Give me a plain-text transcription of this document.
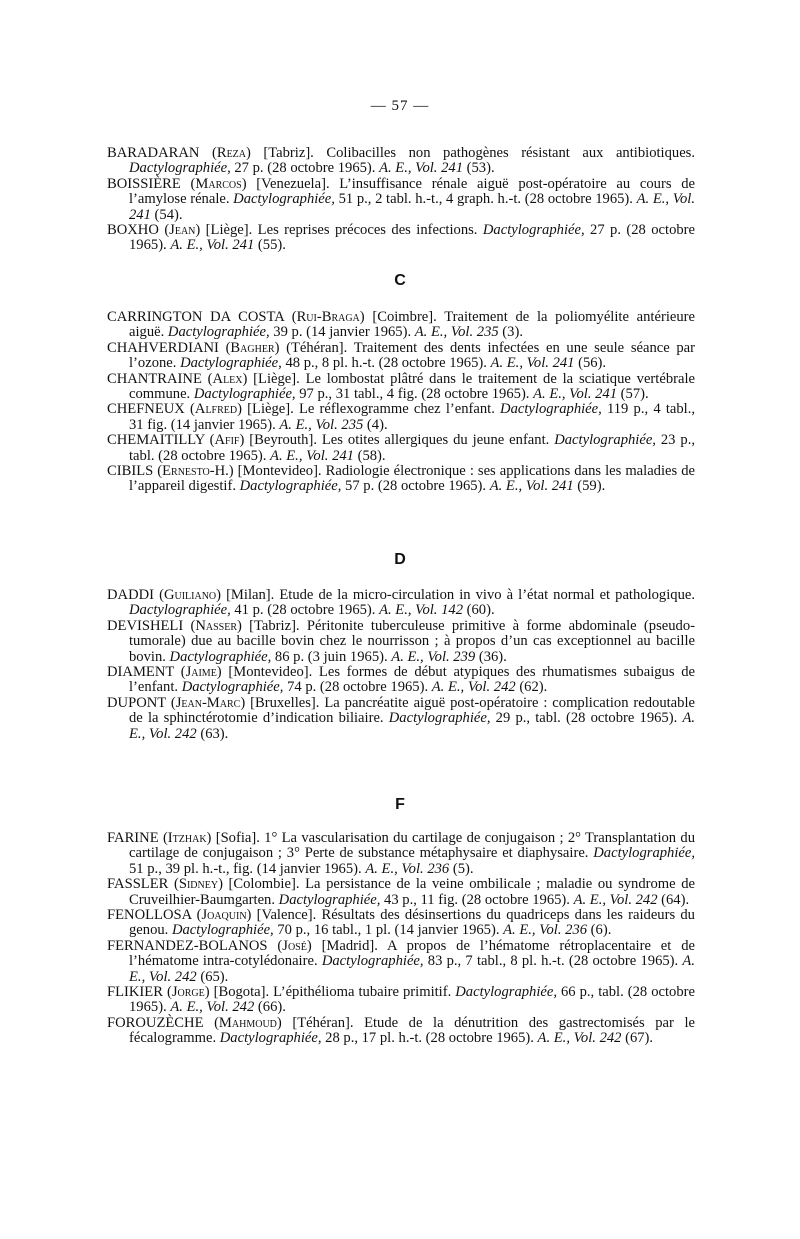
— 57 —

BARADARAN (Reza) [Tabriz]. Colibacilles non pathogènes résistant aux antibiotiques. Dactylographiée, 27 p. (28 octobre 1965). A. E., Vol. 241 (53).

BOISSIÈRE (Marcos) [Venezuela]. L’insuffisance rénale aiguë post-opératoire au cours de l’amylose rénale. Dactylographiée, 51 p., 2 tabl. h.-t., 4 graph. h.-t. (28 octobre 1965). A. E., Vol. 241 (54).

BOXHO (Jean) [Liège]. Les reprises précoces des infections. Dactylographiée, 27 p. (28 octobre 1965). A. E., Vol. 241 (55).

C

CARRINGTON DA COSTA (Rui-Braga) [Coimbre]. Traitement de la poliomyélite antérieure aiguë. Dactylographiée, 39 p. (14 janvier 1965). A. E., Vol. 235 (3).

CHAHVERDIANI (Bagher) (Téhéran]. Traitement des dents infectées en une seule séance par l’ozone. Dactylographiée, 48 p., 8 pl. h.-t. (28 octobre 1965). A. E., Vol. 241 (56).

CHANTRAINE (Alex) [Liège]. Le lombostat plâtré dans le traitement de la sciatique vertébrale commune. Dactylographiée, 97 p., 31 tabl., 4 fig. (28 octobre 1965). A. E., Vol. 241 (57).

CHEFNEUX (Alfred) [Liège]. Le réflexogramme chez l’enfant. Dactylographiée, 119 p., 4 tabl., 31 fig. (14 janvier 1965). A. E., Vol. 235 (4).

CHEMAITILLY (Afif) [Beyrouth]. Les otites allergiques du jeune enfant. Dactylographiée, 23 p., tabl. (28 octobre 1965). A. E., Vol. 241 (58).

CIBILS (Ernesto-H.) [Montevideo]. Radiologie électronique : ses applications dans les maladies de l’appareil digestif. Dactylographiée, 57 p. (28 octobre 1965). A. E., Vol. 241 (59).

D

DADDI (Guiliano) [Milan]. Etude de la micro-circulation in vivo à l’état normal et pathologique. Dactylographiée, 41 p. (28 octobre 1965). A. E., Vol. 142 (60).

DEVISHELI (Nasser) [Tabriz]. Péritonite tuberculeuse primitive à forme abdominale (pseudo-tumorale) due au bacille bovin chez le nourrisson ; à propos d’un cas exceptionnel au bacille bovin. Dactylographiée, 86 p. (3 juin 1965). A. E., Vol. 239 (36).

DIAMENT (Jaime) [Montevideo]. Les formes de début atypiques des rhumatismes subaigus de l’enfant. Dactylographiée, 74 p. (28 octobre 1965). A. E., Vol. 242 (62).

DUPONT (Jean-Marc) [Bruxelles]. La pancréatite aiguë post-opératoire : complication redoutable de la sphinctérotomie d’indication biliaire. Dactylographiée, 29 p., tabl. (28 octobre 1965). A. E., Vol. 242 (63).

F

FARINE (Itzhak) [Sofia]. 1° La vascularisation du cartilage de conjugaison ; 2° Transplantation du cartilage de conjugaison ; 3° Perte de substance métaphysaire et diaphysaire. Dactylographiée, 51 p., 39 pl. h.-t., fig. (14 janvier 1965). A. E., Vol. 236 (5).

FASSLER (Sidney) [Colombie]. La persistance de la veine ombilicale ; maladie ou syndrome de Cruveilhier-Baumgarten. Dactylographiée, 43 p., 11 fig. (28 octobre 1965). A. E., Vol. 242 (64).

FENOLLOSA (Joaquin) [Valence]. Résultats des désinsertions du quadriceps dans les raideurs du genou. Dactylographiée, 70 p., 16 tabl., 1 pl. (14 janvier 1965). A. E., Vol. 236 (6).

FERNANDEZ-BOLANOS (José) [Madrid]. A propos de l’hématome rétroplacentaire et de l’hématome intra-cotylédonaire. Dactylographiée, 83 p., 7 tabl., 8 pl. h.-t. (28 octobre 1965). A. E., Vol. 242 (65).

FLIKIER (Jorge) [Bogota]. L’épithélioma tubaire primitif. Dactylographiée, 66 p., tabl. (28 octobre 1965). A. E., Vol. 242 (66).

FOROUZÈCHE (Mahmoud) [Téhéran]. Etude de la dénutrition des gastrectomisés par le fécalogramme. Dactylographiée, 28 p., 17 pl. h.-t. (28 octobre 1965). A. E., Vol. 242 (67).
